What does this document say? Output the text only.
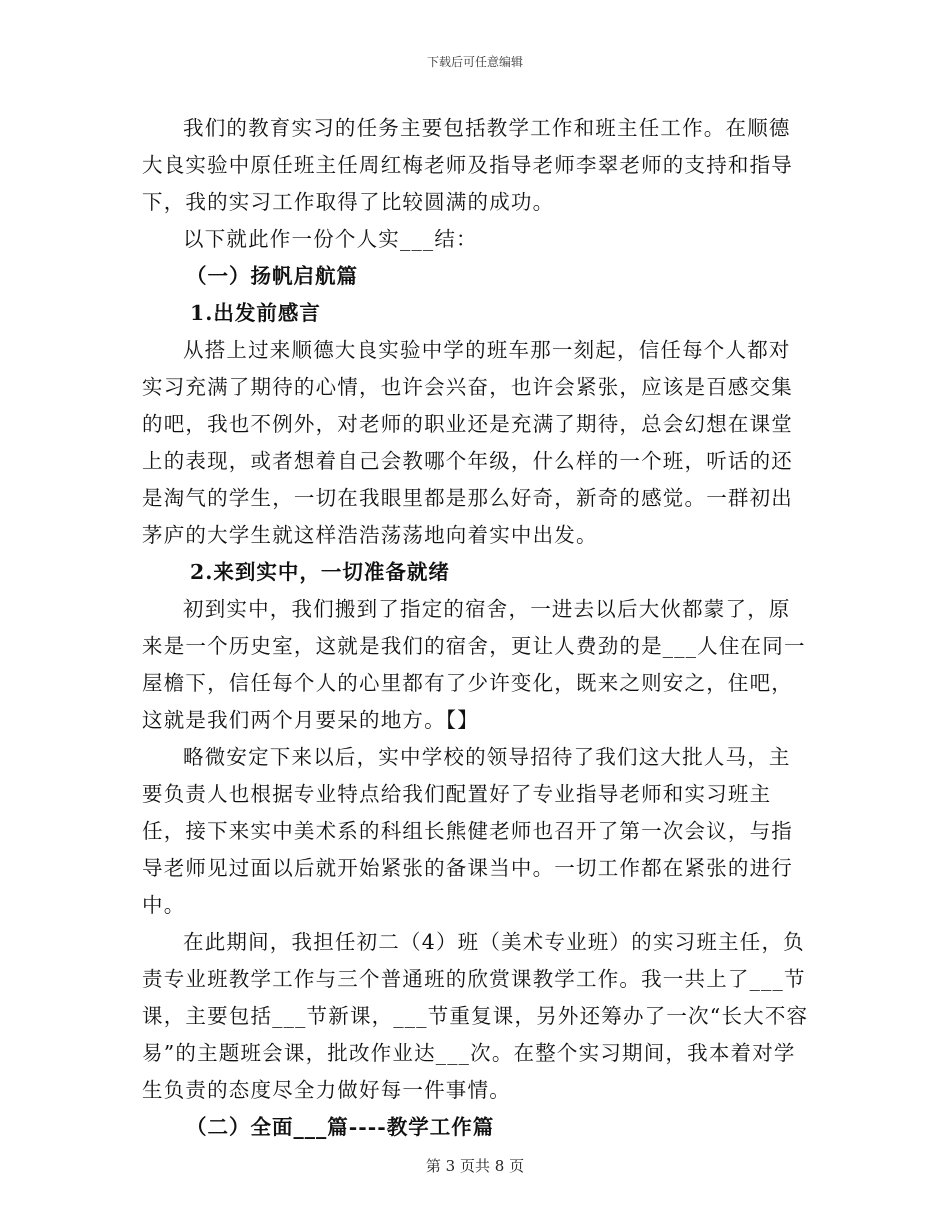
下载后可任意编辑

我们的教育实习的任务主要包括教学工作和班主任工作。在顺德大良实验中原任班主任周红梅老师及指导老师李翠老师的支持和指导下，我的实习工作取得了比较圆满的成功。

以下就此作一份个人实___结：

（一）扬帆启航篇

1.出发前感言

从搭上过来顺德大良实验中学的班车那一刻起，信任每个人都对实习充满了期待的心情，也许会兴奋，也许会紧张，应该是百感交集的吧，我也不例外，对老师的职业还是充满了期待，总会幻想在课堂上的表现，或者想着自己会教哪个年级，什么样的一个班，听话的还是淘气的学生，一切在我眼里都是那么好奇，新奇的感觉。一群初出茅庐的大学生就这样浩浩荡荡地向着实中出发。

2.来到实中，一切准备就绪

初到实中，我们搬到了指定的宿舍，一进去以后大伙都蒙了，原来是一个历史室，这就是我们的宿舍，更让人费劲的是___人住在同一屋檐下，信任每个人的心里都有了少许变化，既来之则安之，住吧，这就是我们两个月要呆的地方。【】

略微安定下来以后，实中学校的领导招待了我们这大批人马，主要负责人也根据专业特点给我们配置好了专业指导老师和实习班主任，接下来实中美术系的科组长熊健老师也召开了第一次会议，与指导老师见过面以后就开始紧张的备课当中。一切工作都在紧张的进行中。

在此期间，我担任初二（4）班（美术专业班）的实习班主任，负责专业班教学工作与三个普通班的欣赏课教学工作。我一共上了___节课，主要包括___节新课，___节重复课，另外还筹办了一次“长大不容易”的主题班会课，批改作业达___次。在整个实习期间，我本着对学生负责的态度尽全力做好每一件事情。

（二）全面___篇----教学工作篇

第 3 页共 8 页
